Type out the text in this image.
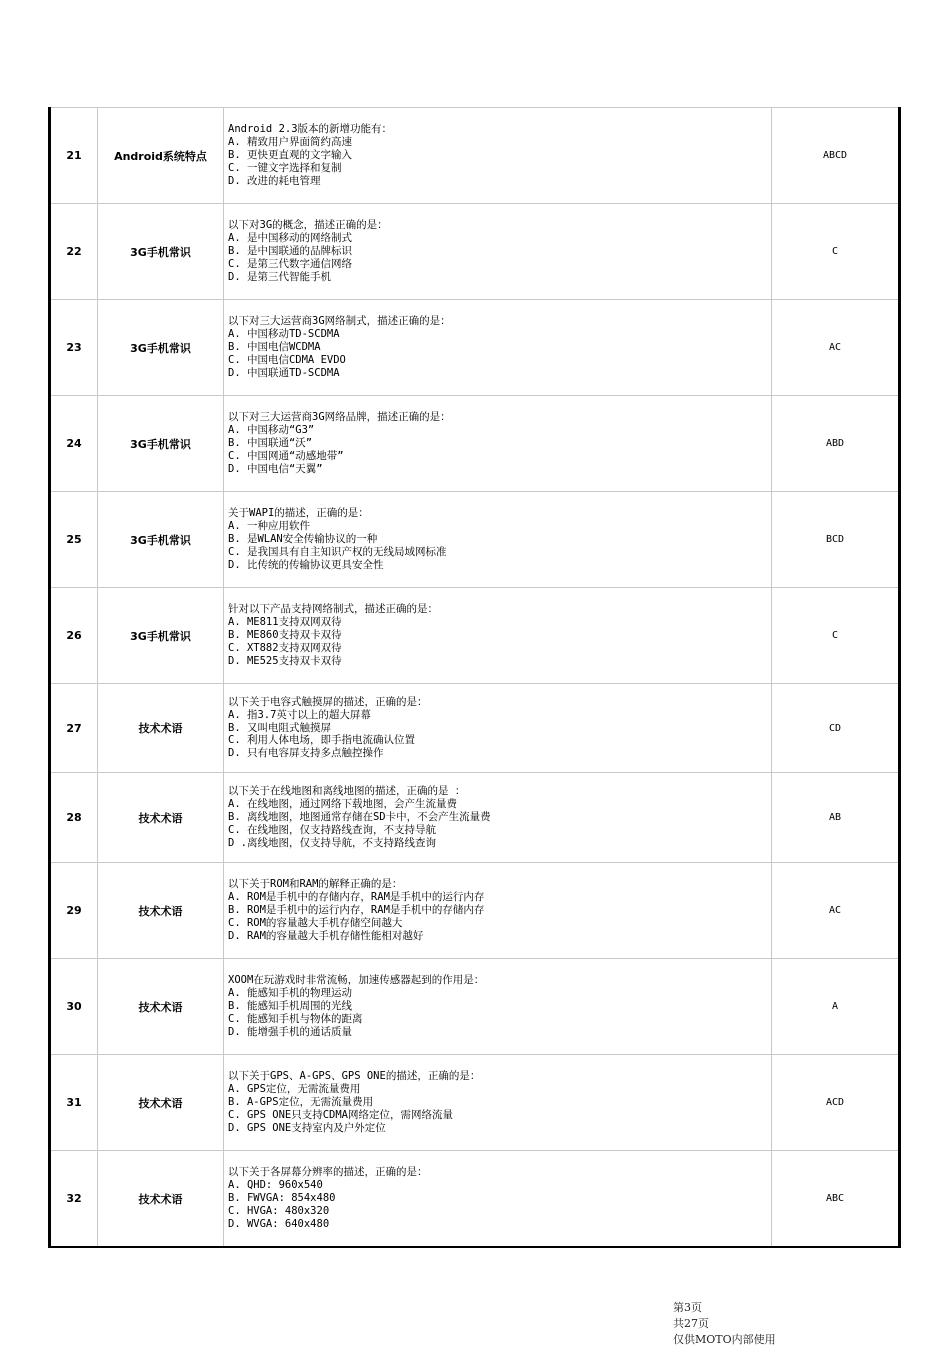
21	Android系统特点
Android 2.3版本的新增功能有：
A. 精致用户界面简约高速
B. 更快更直观的文字输入
C. 一键文字选择和复制
D. 改进的耗电管理
ABCD
22	3G手机常识
以下对3G的概念，描述正确的是：
A. 是中国移动的网络制式
B. 是中国联通的品牌标识
C. 是第三代数字通信网络
D. 是第三代智能手机
C
23	3G手机常识
以下对三大运营商3G网络制式，描述正确的是：
A. 中国移动TD-SCDMA
B. 中国电信WCDMA
C. 中国电信CDMA EVDO
D. 中国联通TD-SCDMA
AC
24	3G手机常识
以下对三大运营商3G网络品牌，描述正确的是：
A. 中国移动“G3”
B. 中国联通“沃”
C. 中国网通“动感地带”
D. 中国电信“天翼”
ABD
25	3G手机常识
关于WAPI的描述，正确的是：
A. 一种应用软件
B. 是WLAN安全传输协议的一种
C. 是我国具有自主知识产权的无线局域网标准
D. 比传统的传输协议更具安全性
BCD
26	3G手机常识
针对以下产品支持网络制式，描述正确的是：
A. ME811支持双网双待
B. ME860支持双卡双待
C. XT882支持双网双待
D. ME525支持双卡双待
C
27	技术术语
以下关于电容式触摸屏的描述，正确的是：
A. 指3.7英寸以上的超大屏幕
B. 又叫电阻式触摸屏
C. 利用人体电场，即手指电流确认位置
D. 只有电容屏支持多点触控操作
CD
28	技术术语
以下关于在线地图和离线地图的描述，正确的是 ：
A. 在线地图，通过网络下载地图，会产生流量费
B. 离线地图，地图通常存储在SD卡中，不会产生流量费
C. 在线地图，仅支持路线查询，不支持导航
D .离线地图，仅支持导航，不支持路线查询
AB
29	技术术语
以下关于ROM和RAM的解释正确的是：
A. ROM是手机中的存储内存，RAM是手机中的运行内存
B. ROM是手机中的运行内存，RAM是手机中的存储内存
C. ROM的容量越大手机存储空间越大
D. RAM的容量越大手机存储性能相对越好
AC
30	技术术语
XOOM在玩游戏时非常流畅，加速传感器起到的作用是：
A. 能感知手机的物理运动
B. 能感知手机周围的光线
C. 能感知手机与物体的距离
D. 能增强手机的通话质量
A
31	技术术语
以下关于GPS、A-GPS、GPS ONE的描述，正确的是：
A. GPS定位，无需流量费用
B. A-GPS定位，无需流量费用
C. GPS ONE只支持CDMA网络定位，需网络流量
D. GPS ONE支持室内及户外定位
ACD
32	技术术语
以下关于各屏幕分辨率的描述，正确的是：
A. QHD: 960x540
B. FWVGA: 854x480
C. HVGA: 480x320
D. WVGA: 640x480
ABC

第3页
共27页
仅供MOTO内部使用
